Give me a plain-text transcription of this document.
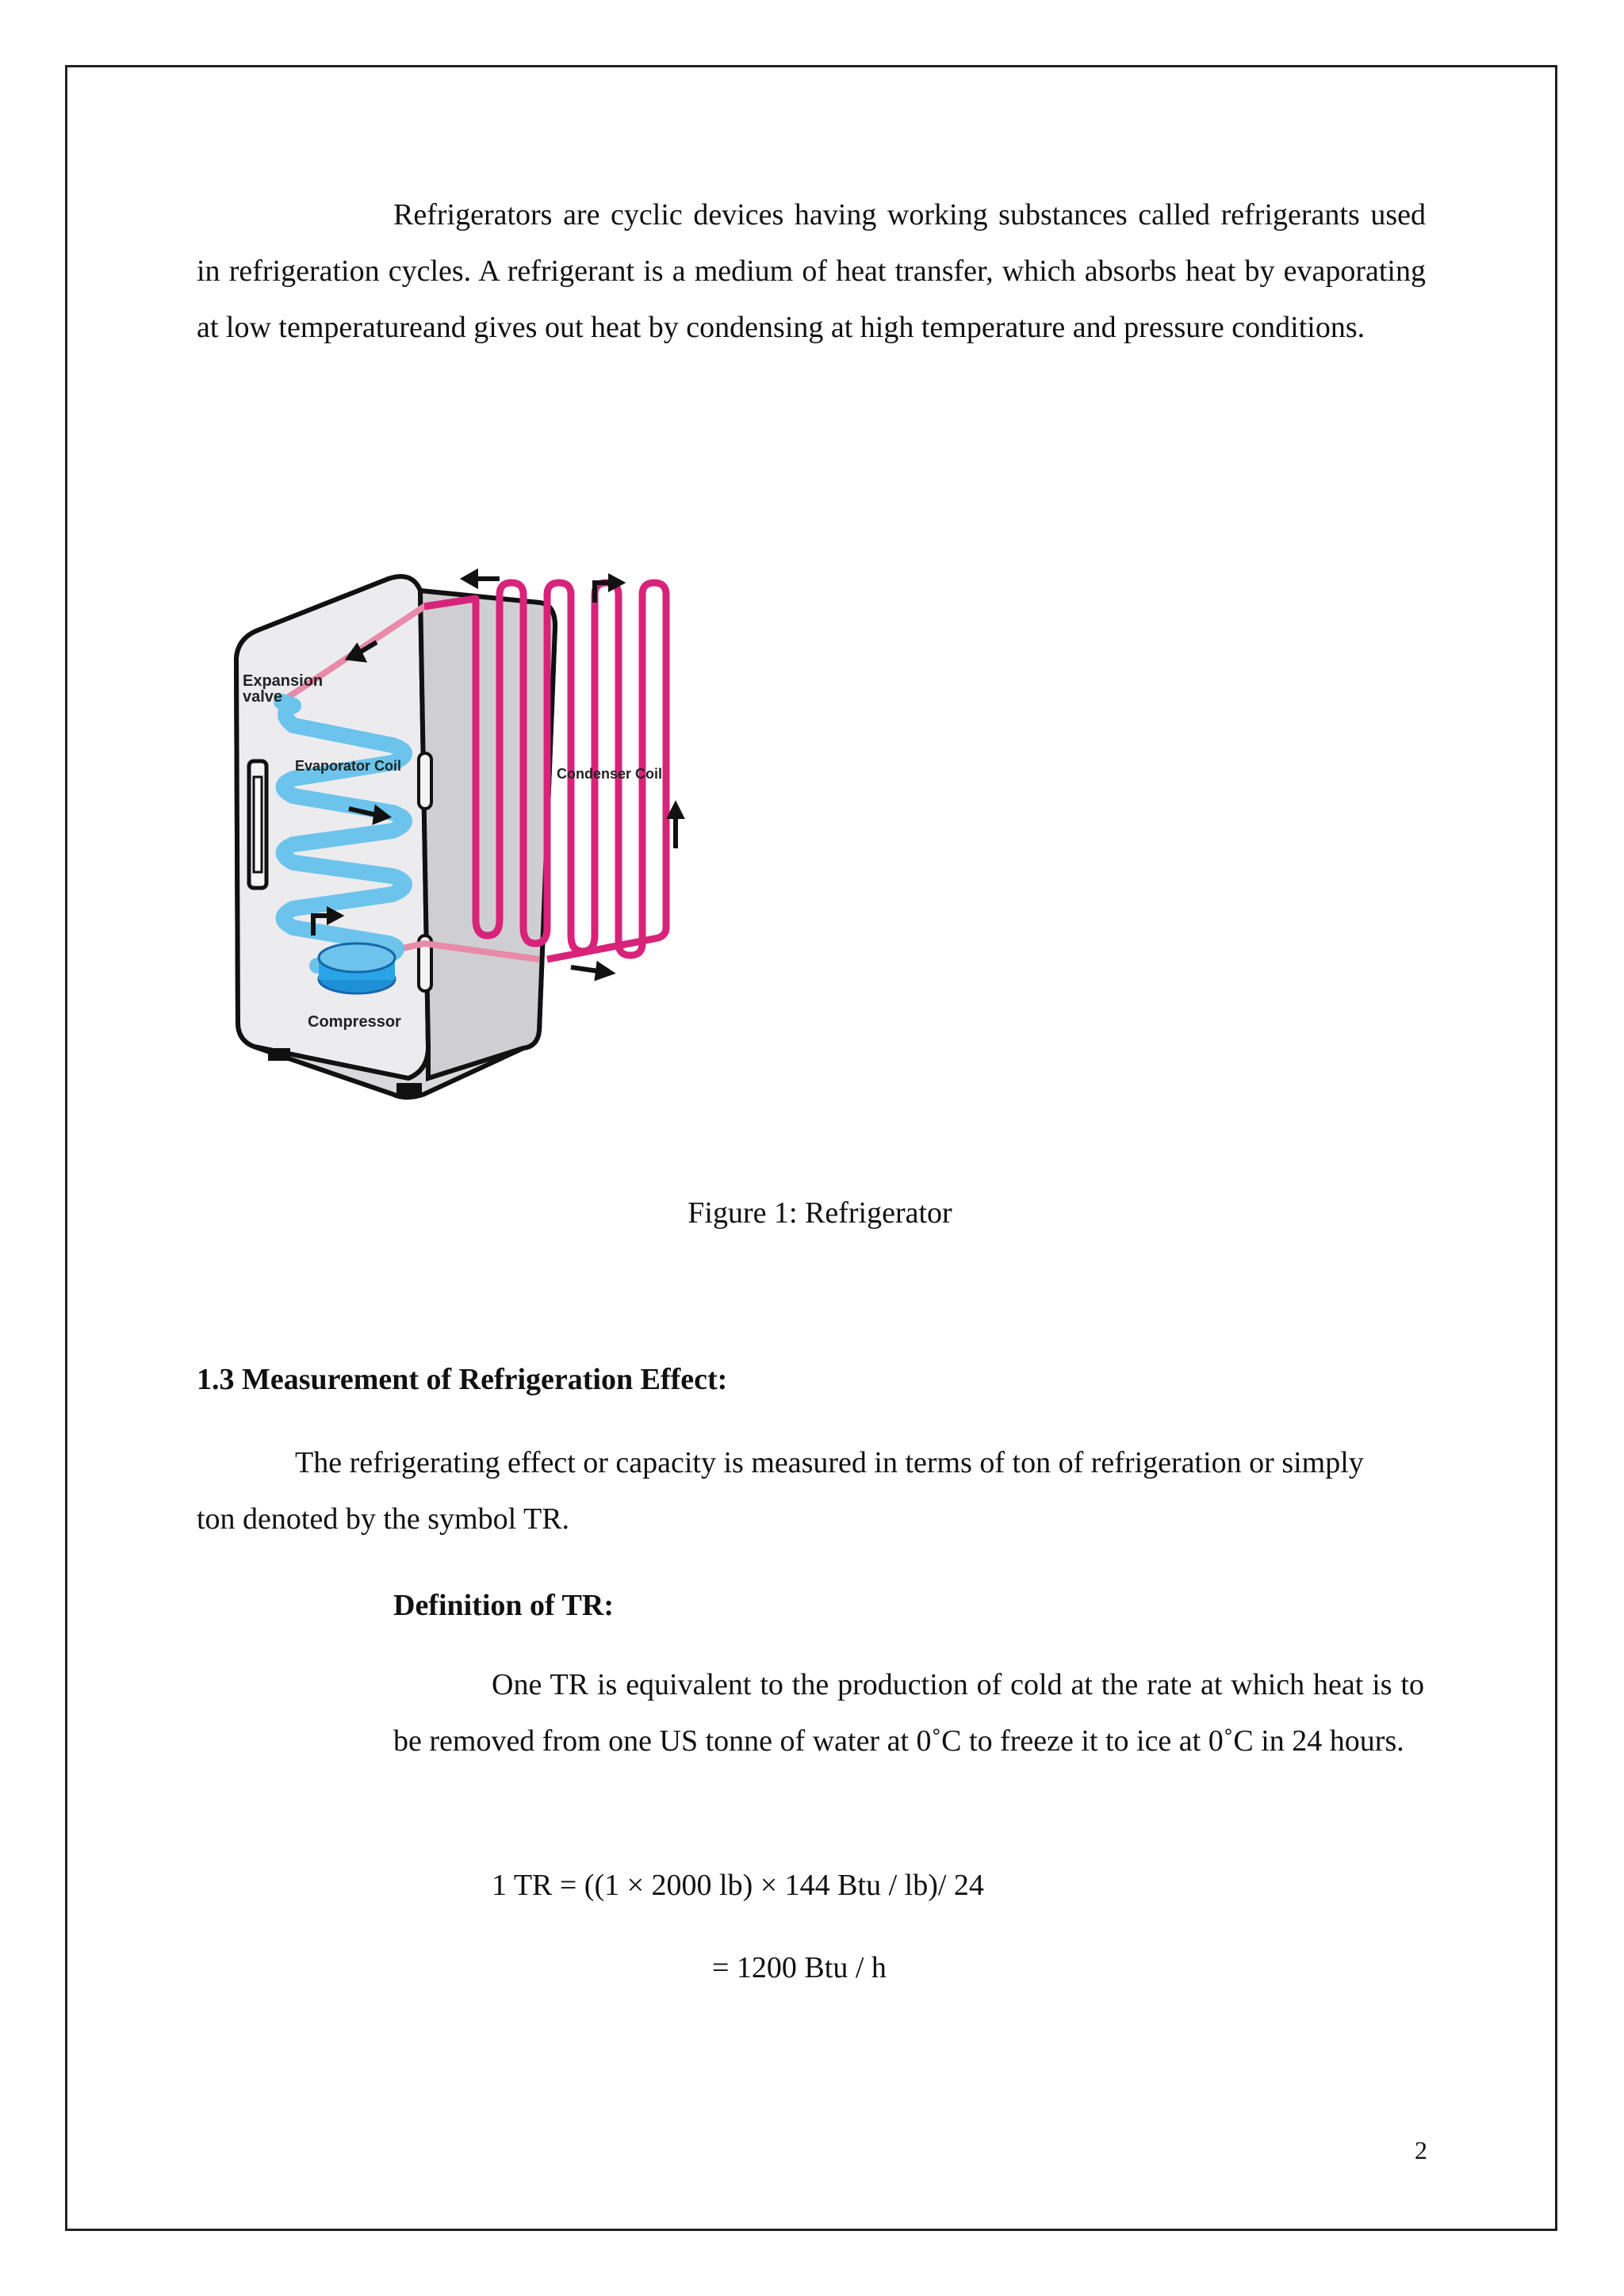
Refrigerators are cyclic devices having working substances called refrigerants used in refrigeration cycles. A refrigerant is a medium of heat transfer, which absorbs heat by evaporating at low temperatureand gives out heat by condensing at high temperature and pressure conditions.

Expansion
valve
Evaporator Coil	Condenser Coil
Compressor
Figure 1: Refrigerator
1.3 Measurement of Refrigeration Effect:

The refrigerating effect or capacity is measured in terms of ton of refrigeration or simply ton denoted by the symbol TR.

Definition of TR:

One TR is equivalent to the production of cold at the rate at which heat is to be removed from one US tonne of water at 0˚C to freeze it to ice at 0˚C in 24 hours.

1 TR = ((1 × 2000 lb) × 144 Btu / lb)/ 24
= 1200 Btu / h
2
